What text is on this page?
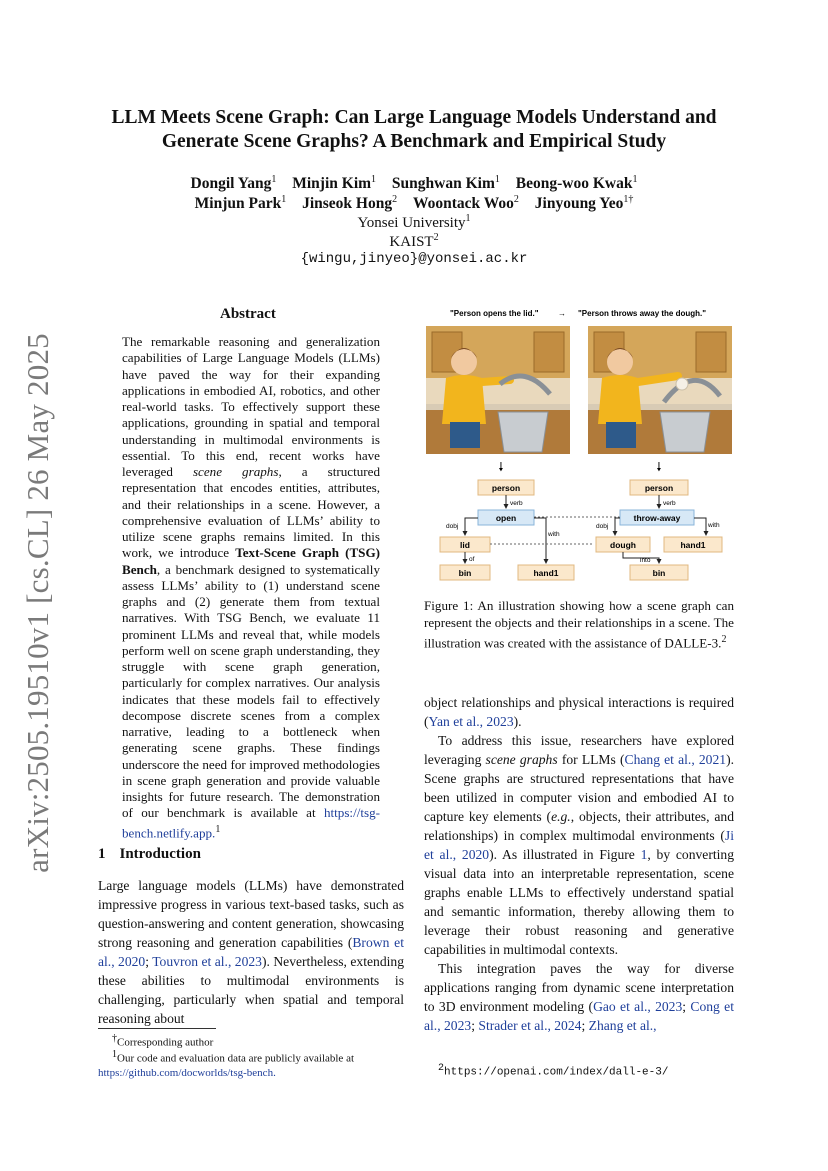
arXiv:2505.19510v1 [cs.CL] 26 May 2025
LLM Meets Scene Graph: Can Large Language Models Understand and
Generate Scene Graphs? A Benchmark and Empirical Study
Dongil Yang$^1$ Minjin Kim$^1$ Sunghwan Kim$^1$ Beong-woo Kwak$^1$
Minjun Park$^1$ Jinseok Hong$^2$ Woontack Woo$^2$ Jinyoung Yeo$^{1\dagger}$
Yonsei University$^1$
KAIST$^2$
{wingu,jinyeo}@yonsei.ac.kr
Abstract

The remarkable reasoning and generalization capabilities of Large Language Models (LLMs) have paved the way for their expanding applications in embodied AI, robotics, and other real-world tasks. To effectively support these applications, grounding in spatial and temporal understanding in multimodal environments is essential. To this end, recent works have leveraged scene graphs, a structured representation that encodes entities, attributes, and their relationships in a scene. However, a comprehensive evaluation of LLMs’ ability to utilize scene graphs remains limited. In this work, we introduce Text-Scene Graph (TSG) Bench, a benchmark designed to systematically assess LLMs’ ability to (1) understand scene graphs and (2) generate them from textual narratives. With TSG Bench, we evaluate 11 prominent LLMs and reveal that, while models perform well on scene graph understanding, they struggle with scene graph generation, particularly for complex narratives. Our analysis indicates that these models fail to effectively decompose discrete scenes from a complex narrative, leading to a bottleneck when generating scene graphs. These findings underscore the need for improved methodologies in scene graph generation and provide valuable insights for future research. The demonstration of our benchmark is available at https://tsg-bench.netlify.app.$^1$

1 Introduction

Large language models (LLMs) have demonstrated impressive progress in various text-based tasks, such as question-answering and content generation, showcasing strong reasoning and generation capabilities (Brown et al., 2020; Touvron et al., 2023). Nevertheless, extending these abilities to multimodal environments is challenging, particularly when spatial and temporal reasoning about

†Corresponding author
$^1$Our code and evaluation data are publicly available at https://github.com/docworlds/tsg-bench.
"Person opens the lid." → "Person throws away the dough."
🠗	🠗
person
verb
open
dobj
with
lid
of
bin	hand1
person
verb
throw-away
dobj	with
dough	hand1
into
bin
Figure 1: An illustration showing how a scene graph can represent the objects and their relationships in a scene. The illustration was created with the assistance of DALLE-3.$^2$

object relationships and physical interactions is required (Yan et al., 2023).

To address this issue, researchers have explored leveraging scene graphs for LLMs (Chang et al., 2021). Scene graphs are structured representations that have been utilized in computer vision and embodied AI to capture key elements (e.g., objects, their attributes, and relationships) in complex multimodal environments (Ji et al., 2020). As illustrated in Figure 1, by converting visual data into an interpretable representation, scene graphs enable LLMs to effectively understand spatial and semantic information, thereby allowing them to leverage their robust reasoning and generative capabilities in multimodal contexts.

This integration paves the way for diverse applications ranging from dynamic scene interpretation to 3D environment modeling (Gao et al., 2023; Cong et al., 2023; Strader et al., 2024; Zhang et al.,

$^2$https://openai.com/index/dall-e-3/
